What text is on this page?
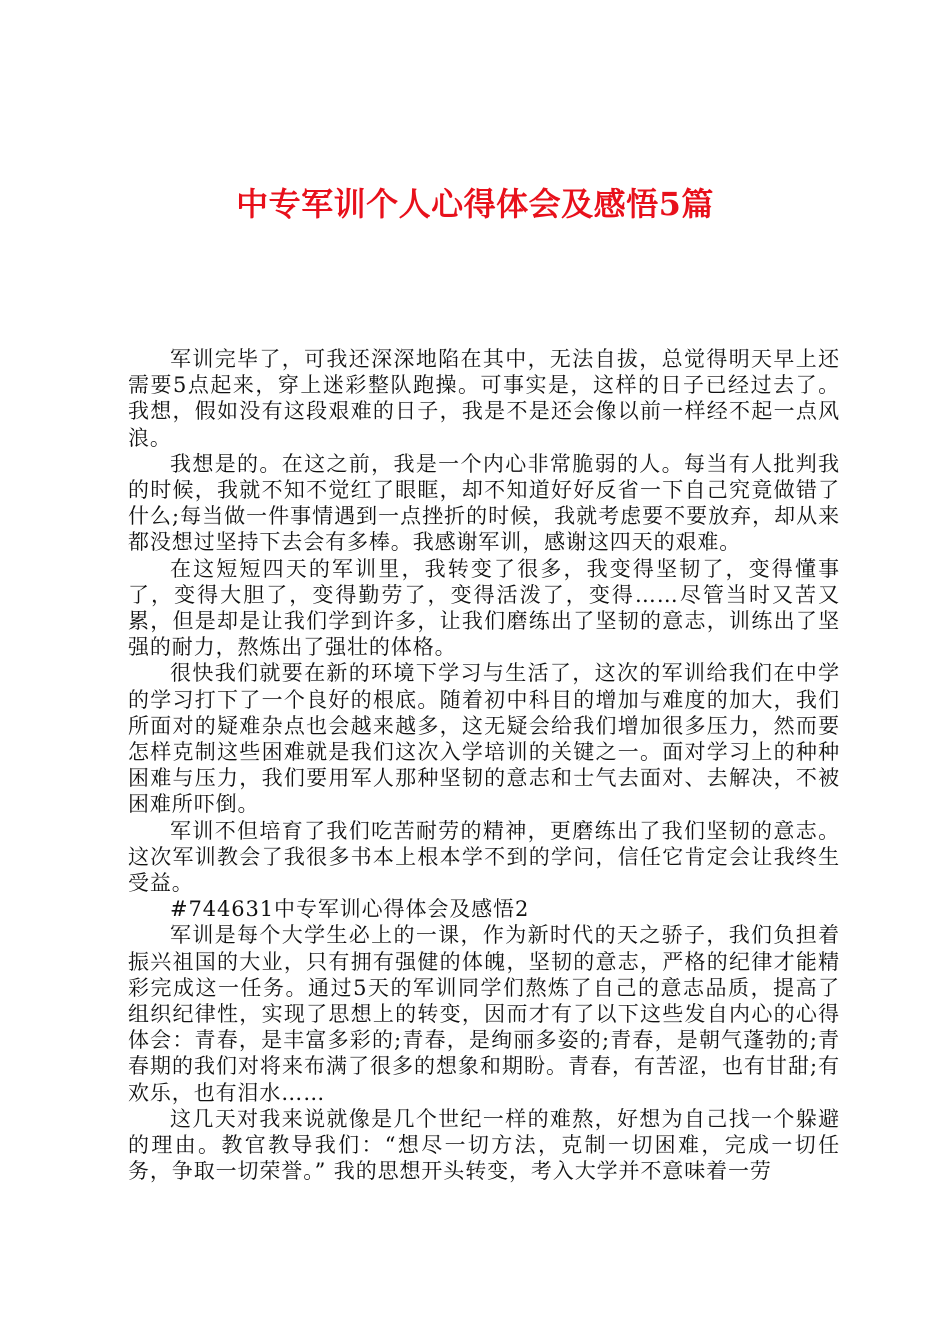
中专军训个人心得体会及感悟5篇

军训完毕了，可我还深深地陷在其中，无法自拔，总觉得明天早上还需要5点起来，穿上迷彩整队跑操。可事实是，这样的日子已经过去了。我想，假如没有这段艰难的日子，我是不是还会像以前一样经不起一点风浪。

我想是的。在这之前，我是一个内心非常脆弱的人。每当有人批判我的时候，我就不知不觉红了眼眶，却不知道好好反省一下自己究竟做错了什么;每当做一件事情遇到一点挫折的时候，我就考虑要不要放弃，却从来都没想过坚持下去会有多棒。我感谢军训，感谢这四天的艰难。

在这短短四天的军训里，我转变了很多，我变得坚韧了，变得懂事了，变得大胆了，变得勤劳了，变得活泼了，变得……尽管当时又苦又累，但是却是让我们学到许多，让我们磨练出了坚韧的意志，训练出了坚强的耐力，熬炼出了强壮的体格。

很快我们就要在新的环境下学习与生活了，这次的军训给我们在中学的学习打下了一个良好的根底。随着初中科目的增加与难度的加大，我们所面对的疑难杂点也会越来越多，这无疑会给我们增加很多压力，然而要怎样克制这些困难就是我们这次入学培训的关键之一。面对学习上的种种困难与压力，我们要用军人那种坚韧的意志和士气去面对、去解决，不被困难所吓倒。

军训不但培育了我们吃苦耐劳的精神，更磨练出了我们坚韧的意志。这次军训教会了我很多书本上根本学不到的学问，信任它肯定会让我终生受益。

#744631中专军训心得体会及感悟2

军训是每个大学生必上的一课，作为新时代的天之骄子，我们负担着振兴祖国的大业，只有拥有强健的体魄，坚韧的意志，严格的纪律才能精彩完成这一任务。通过5天的军训同学们熬炼了自己的意志品质，提高了组织纪律性，实现了思想上的转变，因而才有了以下这些发自内心的心得体会：青春，是丰富多彩的;青春，是绚丽多姿的;青春，是朝气蓬勃的;青春期的我们对将来布满了很多的想象和期盼。青春，有苦涩，也有甘甜;有欢乐，也有泪水……

这几天对我来说就像是几个世纪一样的难熬，好想为自己找一个躲避的理由。教官教导我们：“想尽一切方法，克制一切困难，完成一切任务，争取一切荣誉。” 我的思想开头转变，考入大学并不意味着一劳
